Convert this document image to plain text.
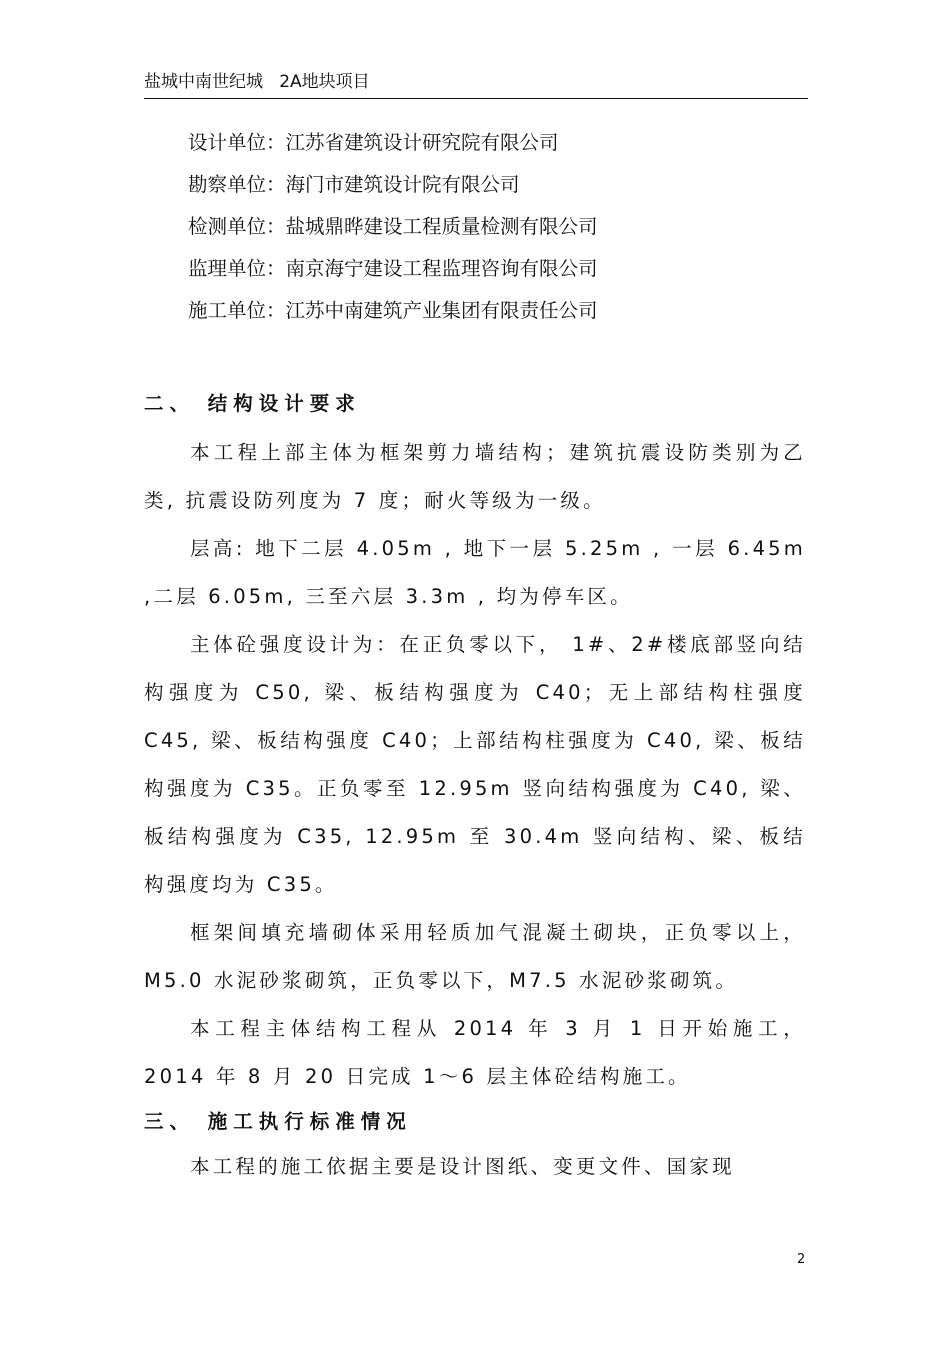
盐城中南世纪城   2A地块项目
设计单位：江苏省建筑设计研究院有限公司
勘察单位：海门市建筑设计院有限公司
检测单位：盐城鼎晔建设工程质量检测有限公司
监理单位：南京海宁建设工程监理咨询有限公司
施工单位：江苏中南建筑产业集团有限责任公司
二、 结构设计要求

本工程上部主体为框架剪力墙结构；建筑抗震设防类别为乙类, 抗震设防列度为 7 度；耐火等级为一级。

层高: 地下二层 4.05m , 地下一层 5.25m , 一层 6.45m ,二层 6.05m, 三至六层 3.3m , 均为停车区。

主体砼强度设计为：在正负零以下， 1#、2#楼底部竖向结构强度为 C50, 梁、板结构强度为 C40；无上部结构柱强度 C45, 梁、板结构强度 C40；上部结构柱强度为 C40, 梁、板结构强度为 C35。正负零至 12.95m 竖向结构强度为 C40, 梁、板结构强度为 C35, 12.95m 至 30.4m 竖向结构、梁、板结构强度均为 C35。

框架间填充墙砌体采用轻质加气混凝土砌块，正负零以上， M5.0 水泥砂浆砌筑，正负零以下，M7.5 水泥砂浆砌筑。

本工程主体结构工程从 2014 年 3 月 1 日开始施工，2014 年 8 月 20 日完成 1～6 层主体砼结构施工。

三、 施工执行标准情况

本工程的施工依据主要是设计图纸、变更文件、国家现

2
